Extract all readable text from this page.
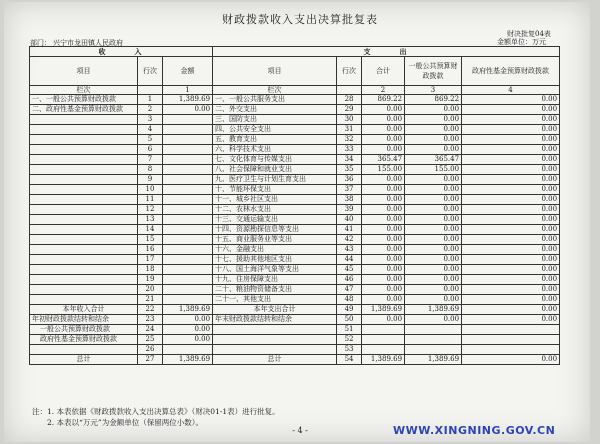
财政拨款收入支出决算批复表
财决批复04表
金额单位：万元
部门： 兴宁市龙田镇人民政府
收　　　入			支　　　出				
项目	行次	金额	项目	行次	合计	一般公共预算财政拨款	政府性基金预算财政拨款
栏次		1	栏次		2	3	4
一、一般公共预算财政拨款	1	1,389.69	一、一般公共服务支出	28	869.22	869.22	0.00
二、政府性基金预算财政拨款	2	0.00	二、外交支出	29	0.00	0.00	0.00
	3		三、国防支出	30	0.00	0.00	0.00
	4		四、公共安全支出	31	0.00	0.00	0.00
	5		五、教育支出	32	0.00	0.00	0.00
	6		六、科学技术支出	33	0.00	0.00	0.00
	7		七、文化体育与传媒支出	34	365.47	365.47	0.00
	8		八、社会保障和就业支出	35	155.00	155.00	0.00
	9		九、医疗卫生与计划生育支出	36	0.00	0.00	0.00
	10		十、节能环保支出	37	0.00	0.00	0.00
	11		十一、城乡社区支出	38	0.00	0.00	0.00
	12		十二、农林水支出	39	0.00	0.00	0.00
	13		十三、交通运输支出	40	0.00	0.00	0.00
	14		十四、资源勘探信息等支出	41	0.00	0.00	0.00
	15		十五、商业服务业等支出	42	0.00	0.00	0.00
	16		十六、金融支出	43	0.00	0.00	0.00
	17		十七、援助其他地区支出	44	0.00	0.00	0.00
	18		十八、国土海洋气象等支出	45	0.00	0.00	0.00
	19		十九、住房保障支出	46	0.00	0.00	0.00
	20		二十、粮油物资储备支出	47	0.00	0.00	0.00
	21		二十一、其他支出	48	0.00	0.00	0.00
本年收入合计	22	1,389.69	本年支出合计	49	1,389.69	1,389.69	0.00
年初财政拨款结转和结余	23	0.00	年末财政拨款结转和结余	50	0.00	0.00	0.00
一般公共预算财政拨款	24	0.00		51			
政府性基金预算财政拨款	25	0.00		52			
	26			53			
总计	27	1,389.69	总计	54	1,389.69	1,389.69	0.00
注：1. 本表依据《财政拨款收入支出决算总表》（财决01-1表）进行批复。
　　2. 本表以“万元”为金额单位（保留两位小数）。
- 4 -	WWW.XINGNING.GOV.CN
